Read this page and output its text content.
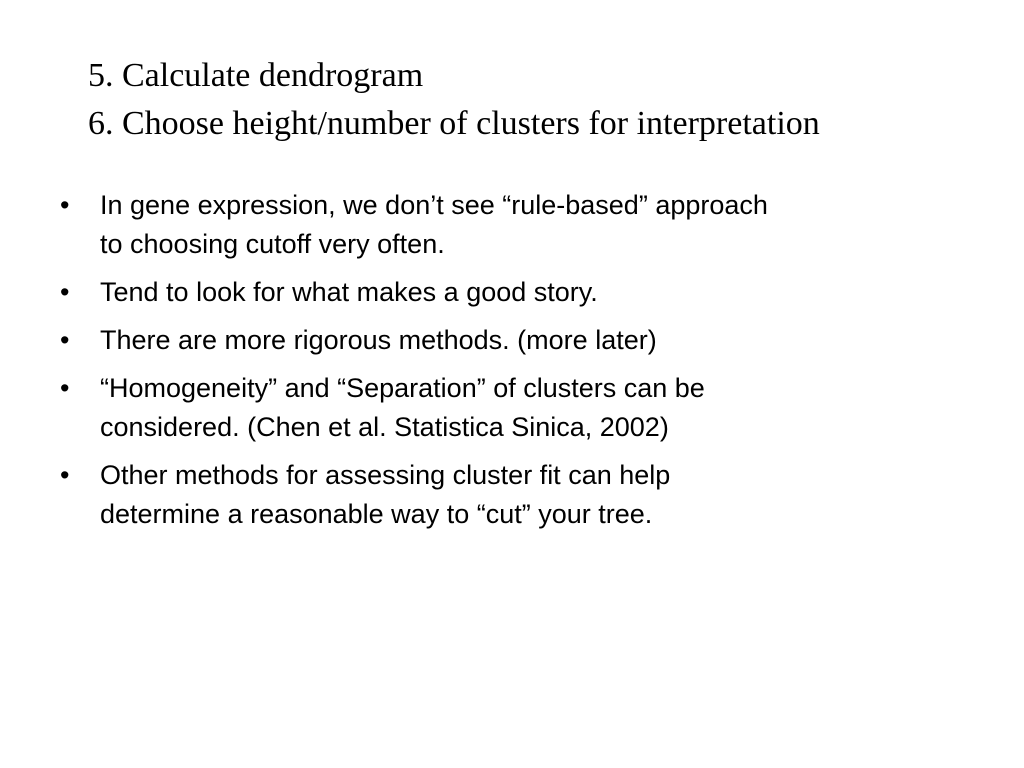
5. Calculate dendrogram
6. Choose height/number of clusters for interpretation
•	In gene expression, we don’t see “rule-based” approach
to choosing cutoff very often.
•	Tend to look for what makes a good story.
•	There are more rigorous methods. (more later)
•	“Homogeneity” and “Separation” of clusters can be
considered. (Chen et al. Statistica Sinica, 2002)
•	Other methods for assessing cluster fit can help
determine a reasonable way to “cut” your tree.
